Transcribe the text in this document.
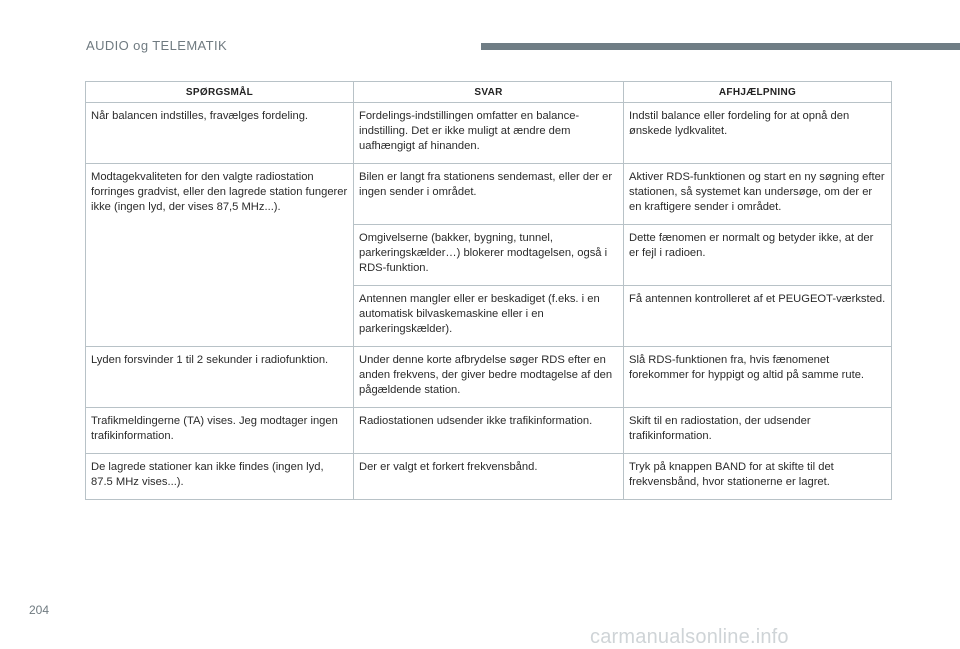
AUDIO og TELEMATIK
SPØRGSMÅL	SVAR	AFHJÆLPNING
Når balancen indstilles, fravælges fordeling.	Fordelings-indstillingen omfatter en balance-indstilling. Det er ikke muligt at ændre dem uafhængigt af hinanden.	Indstil balance eller fordeling for at opnå den ønskede lydkvalitet.
Modtagekvaliteten for den valgte radiostation forringes gradvist, eller den lagrede station fungerer ikke (ingen lyd, der vises 87,5 MHz...).	Bilen er langt fra stationens sendemast, eller der er ingen sender i området.	Aktiver RDS-funktionen og start en ny søgning efter stationen, så systemet kan undersøge, om der er en kraftigere sender i området.
	Omgivelserne (bakker, bygning, tunnel, parkeringskælder…) blokerer modtagelsen, også i RDS-funktion.	Dette fænomen er normalt og betyder ikke, at der er fejl i radioen.
	Antennen mangler eller er beskadiget (f.eks. i en automatisk bilvaskemaskine eller i en parkeringskælder).	Få antennen kontrolleret af et PEUGEOT-værksted.
Lyden forsvinder 1 til 2 sekunder i radiofunktion.	Under denne korte afbrydelse søger RDS efter en anden frekvens, der giver bedre modtagelse af den pågældende station.	Slå RDS-funktionen fra, hvis fænomenet forekommer for hyppigt og altid på samme rute.
Trafikmeldingerne (TA) vises. Jeg modtager ingen trafikinformation.	Radiostationen udsender ikke trafikinformation.	Skift til en radiostation, der udsender trafikinformation.
De lagrede stationer kan ikke findes (ingen lyd, 87.5 MHz vises...).	Der er valgt et forkert frekvensbånd.	Tryk på knappen BAND for at skifte til det frekvensbånd, hvor stationerne er lagret.
204
carmanualsonline.info
